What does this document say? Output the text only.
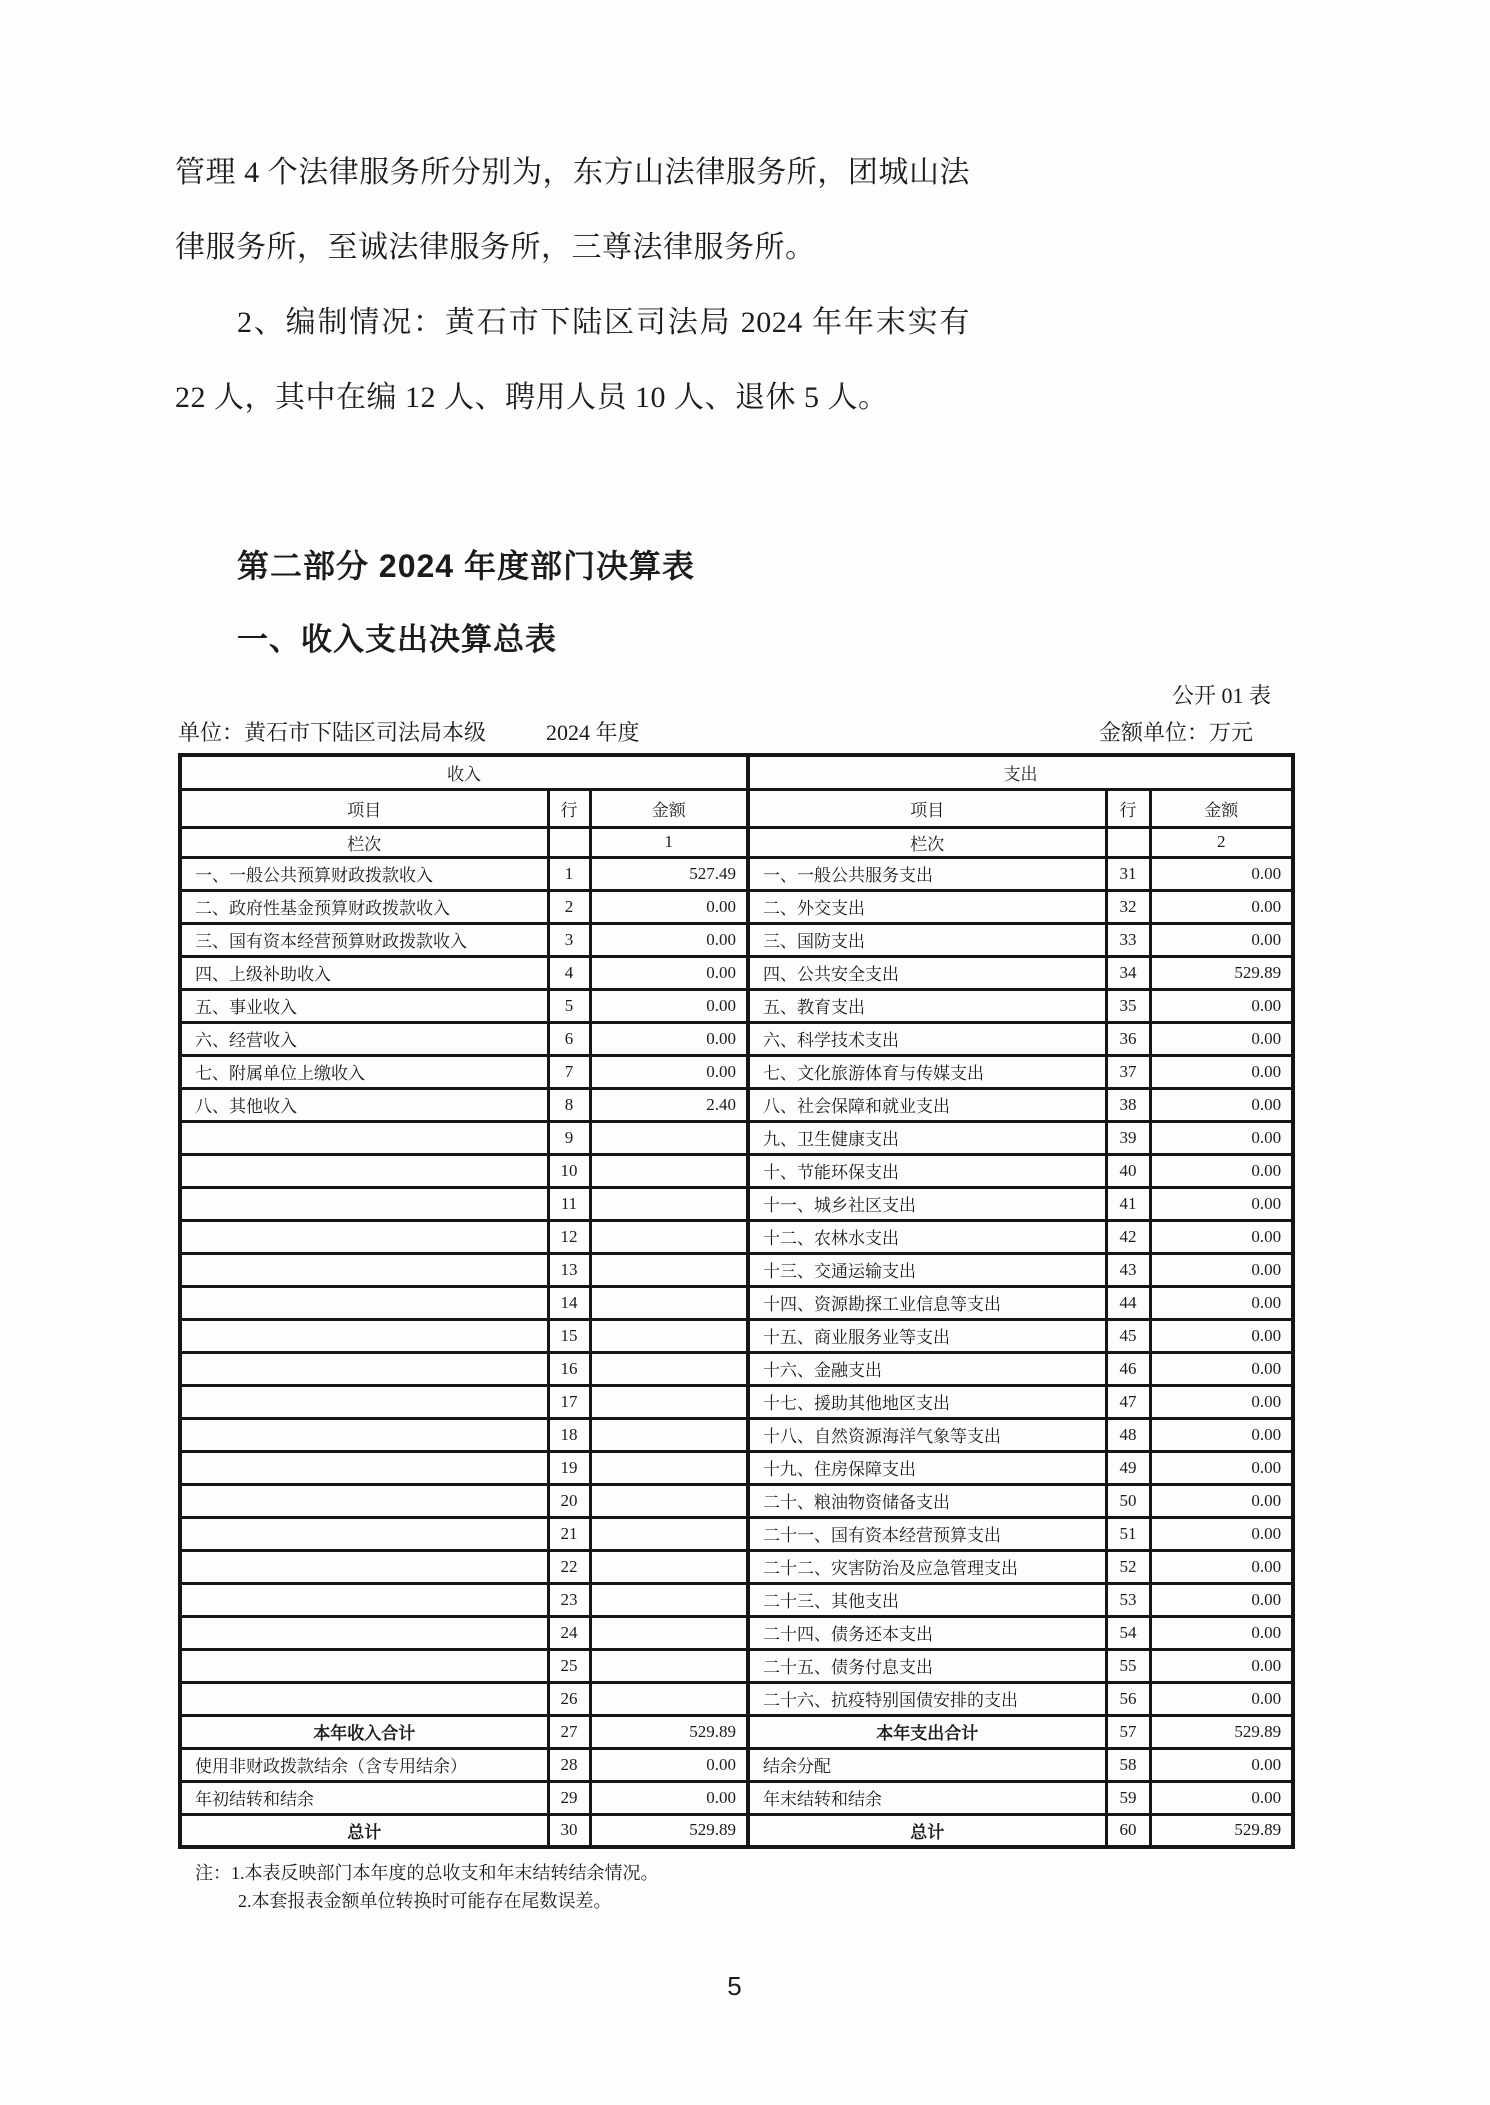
管理 4 个法律服务所分别为，东方山法律服务所，团城山法律服务所，至诚法律服务所，三尊法律服务所。
2、编制情况：黄石市下陆区司法局 2024 年年末实有 22 人，其中在编 12 人、聘用人员 10 人、退休 5 人。
第二部分 2024 年度部门决算表
一、收入支出决算总表
公开 01 表
单位：黄石市下陆区司法局本级	2024 年度	金额单位：万元
收入			支出		
项目	行	金额	项目	行	金额
栏次		1	栏次		2
一、一般公共预算财政拨款收入	1	527.49	一、一般公共服务支出	31	0.00
二、政府性基金预算财政拨款收入	2	0.00	二、外交支出	32	0.00
三、国有资本经营预算财政拨款收入	3	0.00	三、国防支出	33	0.00
四、上级补助收入	4	0.00	四、公共安全支出	34	529.89
五、事业收入	5	0.00	五、教育支出	35	0.00
六、经营收入	6	0.00	六、科学技术支出	36	0.00
七、附属单位上缴收入	7	0.00	七、文化旅游体育与传媒支出	37	0.00
八、其他收入	8	2.40	八、社会保障和就业支出	38	0.00
	9		九、卫生健康支出	39	0.00
	10		十、节能环保支出	40	0.00
	11		十一、城乡社区支出	41	0.00
	12		十二、农林水支出	42	0.00
	13		十三、交通运输支出	43	0.00
	14		十四、资源勘探工业信息等支出	44	0.00
	15		十五、商业服务业等支出	45	0.00
	16		十六、金融支出	46	0.00
	17		十七、援助其他地区支出	47	0.00
	18		十八、自然资源海洋气象等支出	48	0.00
	19		十九、住房保障支出	49	0.00
	20		二十、粮油物资储备支出	50	0.00
	21		二十一、国有资本经营预算支出	51	0.00
	22		二十二、灾害防治及应急管理支出	52	0.00
	23		二十三、其他支出	53	0.00
	24		二十四、债务还本支出	54	0.00
	25		二十五、债务付息支出	55	0.00
	26		二十六、抗疫特别国债安排的支出	56	0.00
本年收入合计	27	529.89	本年支出合计	57	529.89
使用非财政拨款结余（含专用结余）	28	0.00	结余分配	58	0.00
年初结转和结余	29	0.00	年末结转和结余	59	0.00
总计	30	529.89	总计	60	529.89
注：1.本表反映部门本年度的总收支和年末结转结余情况。
2.本套报表金额单位转换时可能存在尾数误差。
5
